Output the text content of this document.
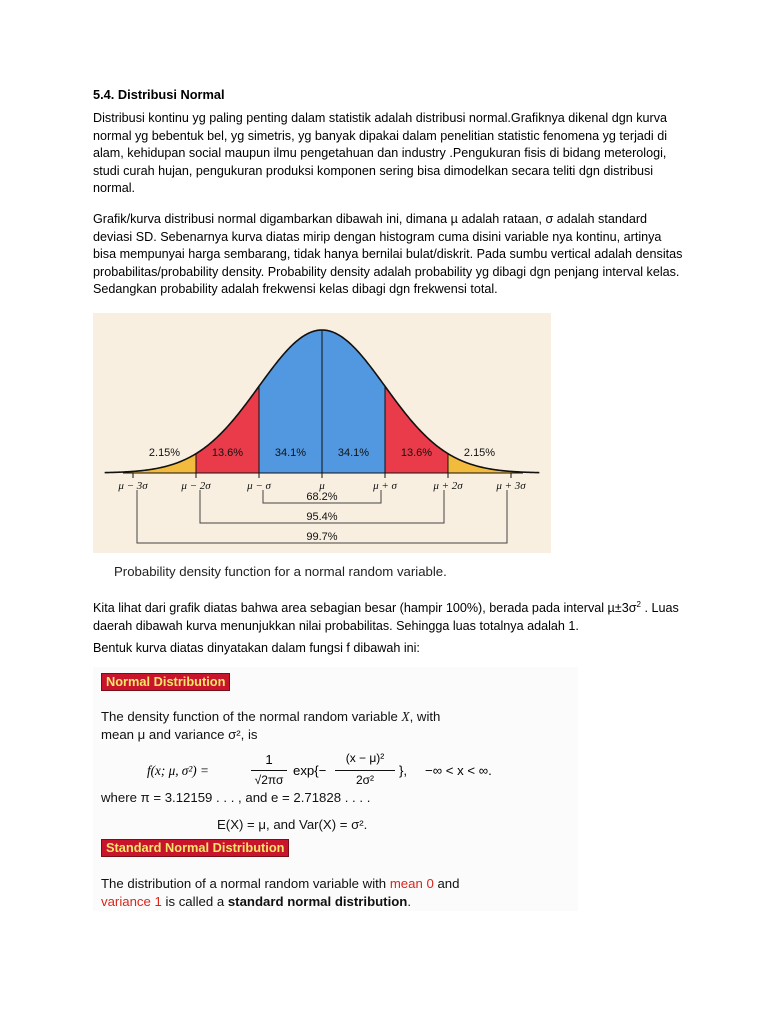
5.4. Distribusi Normal
Distribusi kontinu yg paling penting dalam statistik adalah distribusi normal.Grafiknya dikenal dgn kurva normal yg bebentuk bel, yg simetris, yg banyak dipakai dalam penelitian statistic fenomena yg terjadi di alam, kehidupan social maupun ilmu pengetahuan dan industry .Pengukuran fisis di bidang meterologi, studi curah hujan, pengukuran produksi komponen sering bisa dimodelkan secara teliti dgn distribusi normal.
Grafik/kurva distribusi normal digambarkan dibawah ini, dimana µ adalah rataan, σ adalah standard deviasi SD. Sebenarnya kurva diatas mirip dengan histogram cuma disini variable nya kontinu, artinya bisa mempunyai harga sembarang, tidak hanya bernilai bulat/diskrit. Pada sumbu vertical adalah densitas probabilitas/probability density. Probability density adalah probability yg dibagi dgn penjang interval kelas. Sedangkan probability adalah frekwensi kelas dibagi dgn frekwensi total.
2.15%	13.6%	34.1%	34.1%	13.6%	2.15%
μ − 3σ	μ − 2σ	μ − σ	μ	μ + σ	μ + 2σ	μ + 3σ
68.2%
95.4%
99.7%
Probability density function for a normal random variable.
Kita lihat dari grafik diatas bahwa area sebagian besar (hampir 100%), berada pada interval $\mu\pm 3\sigma^2$ . Luas daerah dibawah kurva menunjukkan nilai probabilitas. Sehingga luas totalnya adalah 1.
Bentuk kurva diatas dinyatakan dalam fungsi f dibawah ini:
Normal Distribution
The density function of the normal random variable X, with
mean μ and variance σ², is
f(x; μ, σ²) =
1
√2πσ
exp{−
(x − μ)²
2σ²
}, −∞ < x < ∞.
where π = 3.12159 . . . , and e = 2.71828 . . . .
E(X) = μ, and Var(X) = σ².
Standard Normal Distribution
The distribution of a normal random variable with mean 0 and
variance 1 is called a standard normal distribution.
